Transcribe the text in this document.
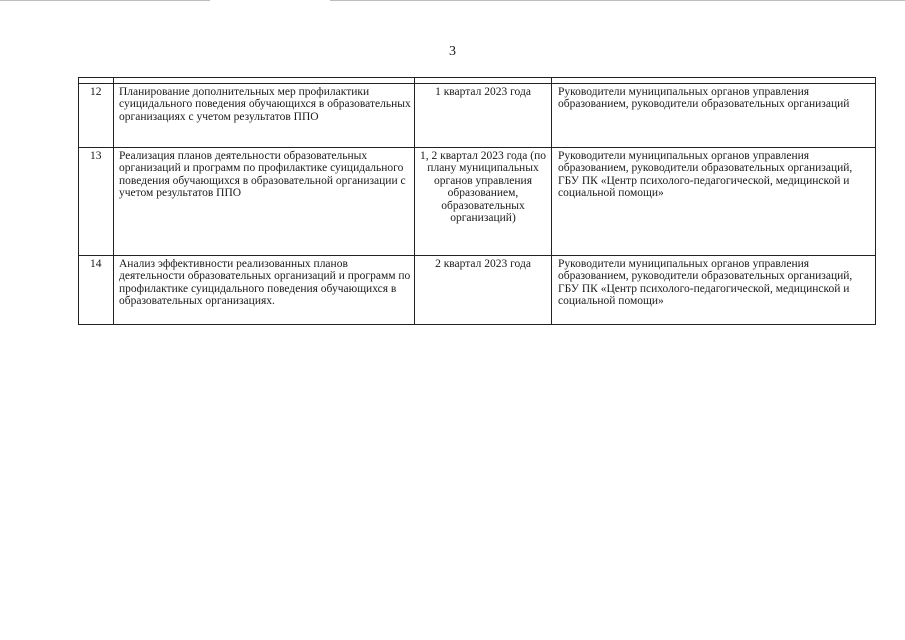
3

12	Планирование дополнительных мер профилактики суицидального поведения обучающихся в образовательных организациях с учетом результатов ППО	1 квартал 2023 года	Руководители муниципальных органов управления образованием, руководители образовательных организаций
13	Реализация планов деятельности образовательных организаций и программ по профилактике суицидального поведения обучающихся в образовательной организации с учетом результатов ППО	1, 2 квартал 2023 года (по плану муниципальных органов управления образованием, образовательных организаций)	Руководители муниципальных органов управления образованием, руководители образовательных организаций, ГБУ ПК «Центр психолого-педагогической, медицинской и социальной помощи»
14	Анализ эффективности реализованных планов деятельности образовательных организаций и программ по профилактике суицидального поведения обучающихся в образовательных организациях.	2 квартал 2023 года	Руководители муниципальных органов управления образованием, руководители образовательных организаций, ГБУ ПК «Центр психолого-педагогической, медицинской и социальной помощи»
